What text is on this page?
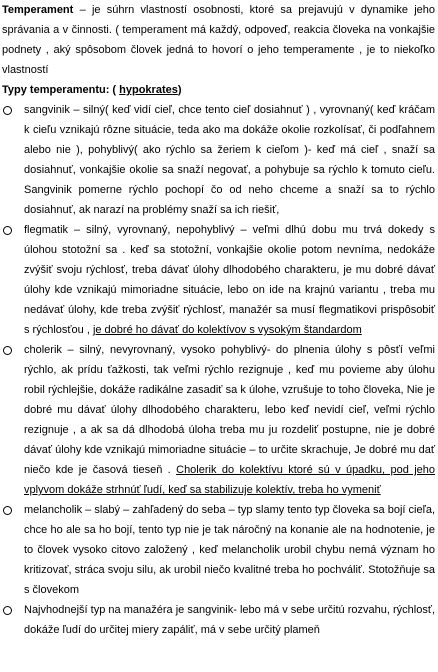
Temperament – je súhrn vlastností osobnosti, ktoré sa prejavujú v dynamike jeho správania a v činnosti. ( temperament má každý, odpoveď, reakcia človeka na vonkajšie podnety , aký spôsobom človek jedná to hovorí o jeho temperamente , je to niekoľko vlastností

Typy temperamentu: ( hypokrates)

sangvinik – silný( keď vidí cieľ, chce tento cieľ dosiahnuť ) , vyrovnaný( keď kráčam k cieľu vznikajú rôzne situácie, teda ako ma dokáže okolie rozkolísať, či podľahnem alebo nie ), pohyblivý( ako rýchlo sa žeriem k cieľom )- keď má cieľ , snaží sa dosiahnuť, vonkajšie okolie sa snaží negovať, a pohybuje sa rýchlo k tomuto cieľu. Sangvinik pomerne rýchlo pochopí čo od neho chceme a snaží sa to rýchlo dosiahnuť, ak narazí na problémy snaží sa ich riešiť,
flegmatik – silný, vyrovnaný, nepohyblivý – veľmi dlhú dobu mu trvá dokedy s úlohou stotožní sa . keď sa stotožní, vonkajšie okolie potom nevníma, nedokáže zvýšiť svoju rýchlosť, treba dávať úlohy dlhodobého charakteru, je mu dobré dávať úlohy kde vznikajú mimoriadne situácie, lebo on ide na krajnú variantu , treba mu nedávať úlohy, kde treba zvýšiť rýchlosť, manažér sa musí flegmatikovi prispôsobiť s rýchlosťou , je dobré ho dávať do kolektívov s vysokým štandardom
cholerik – silný, nevyrovnaný, vysoko pohyblivý- do plnenia úlohy s pôsťí veľmi rýchlo, ak prídu ťažkosti, tak veľmi rýchlo rezignuje , keď mu povieme aby úlohu robil rýchlejšie, dokáže radikálne zasadiť sa k úlohe, vzrušuje to toho človeka, Nie je dobré mu dávať úlohy dlhodobého charakteru, lebo keď nevidí cieľ, veľmi rýchlo rezignuje , a ak sa dá dlhodobá úloha treba mu ju rozdeliť postupne, nie je dobré dávať úlohy kde vznikajú mimoriadne situácie – to určite skrachuje, Je dobré mu dať niečo kde je časová tieseň . Cholerik do kolektívu ktoré sú v úpadku, pod jeho vplyvom dokáže strhnúť ľudí, keď sa stabilizuje kolektív, treba ho vymeniť
melancholik – slabý – zahľadený do seba – typ slamy tento typ človeka sa bojí cieľa, chce ho ale sa ho bojí, tento typ nie je tak náročný na konanie ale na hodnotenie, je to človek vysoko citovo založený , keď melancholik urobil chybu nemá význam ho kritizovať, stráca svoju silu, ak urobil niečo kvalitné treba ho pochváliť. Stotožňuje sa s človekom
Najvhodnejší typ na manažéra je sangvinik- lebo má v sebe určitú rozvahu, rýchlosť, dokáže ľudí do určitej miery zapáliť, má v sebe určitý plameň
